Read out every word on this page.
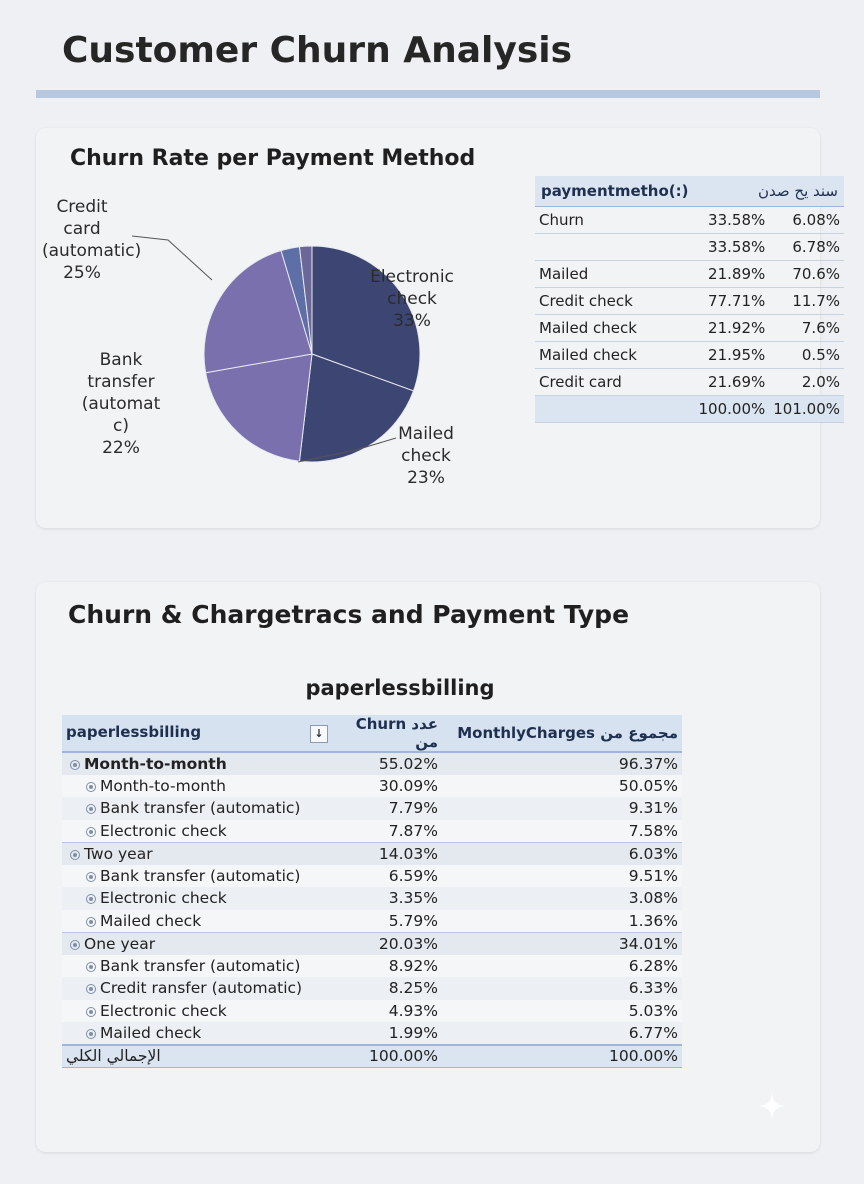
Customer Churn Analysis
Churn Rate per Payment Method
Credit
card
(automatic)
25%
Bank
transfer
(automat
c)
22%
Electronic
check
33%
Mailed
check
23%
paymentmetho(:)	سند يح صدن	
Churn	33.58%	6.08%
	33.58%	6.78%
Mailed	21.89%	70.6%
Credit check	77.71%	11.7%
Mailed check	21.92%	7.6%
Mailed check	21.95%	0.5%
Credit card	21.69%	2.0%
	100.00%	101.00%
Churn & Chargetracs and Payment Type
paperlessbilling
paperlessbilling ↓	Churn عدد من	MonthlyCharges مجموع من
Month-to-month	55.02%	96.37%
Month-to-month	30.09%	50.05%
Bank transfer (automatic)	7.79%	9.31%
Electronic check	7.87%	7.58%
Two year	14.03%	6.03%
Bank transfer (automatic)	6.59%	9.51%
Electronic check	3.35%	3.08%
Mailed check	5.79%	1.36%
One year	20.03%	34.01%
Bank transfer (automatic)	8.92%	6.28%
Credit ransfer (automatic)	8.25%	6.33%
Electronic check	4.93%	5.03%
Mailed check	1.99%	6.77%
الإجمالي الكلي	100.00%	100.00%
